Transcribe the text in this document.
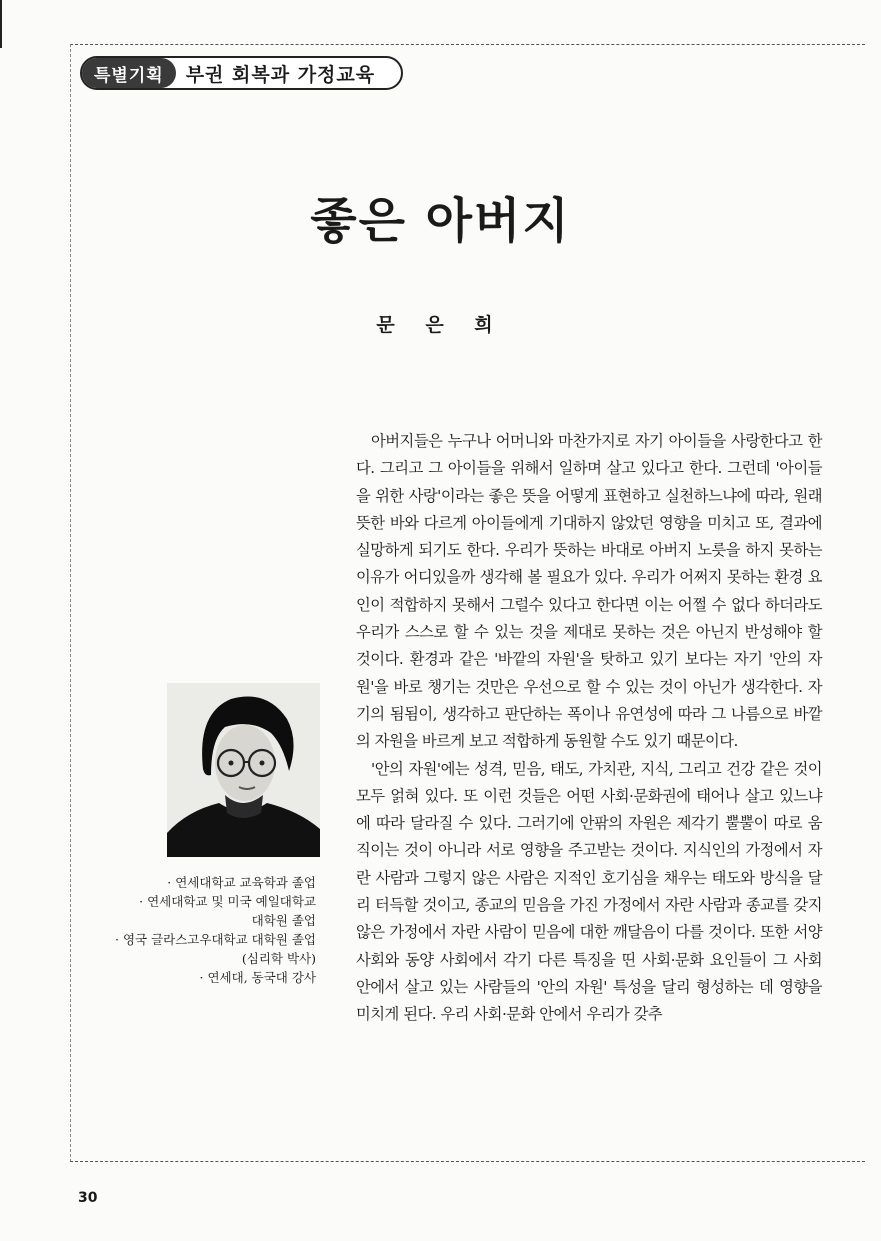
특별기획	부권 회복과 가정교육
좋은 아버지
문 은 희
· 연세대학교 교육학과 졸업
· 연세대학교 및 미국 예일대학교
대학원 졸업
· 영국 글라스고우대학교 대학원 졸업
(심리학 박사)
· 연세대, 동국대 강사

아버지들은 누구나 어머니와 마찬가지로 자기 아이들을 사랑한다고 한다. 그리고 그 아이들을 위해서 일하며 살고 있다고 한다. 그런데 '아이들을 위한 사랑'이라는 좋은 뜻을 어떻게 표현하고 실천하느냐에 따라, 원래 뜻한 바와 다르게 아이들에게 기대하지 않았던 영향을 미치고 또, 결과에 실망하게 되기도 한다. 우리가 뜻하는 바대로 아버지 노릇을 하지 못하는 이유가 어디있을까 생각해 볼 필요가 있다. 우리가 어쩌지 못하는 환경 요인이 적합하지 못해서 그럴수 있다고 한다면 이는 어쩔 수 없다 하더라도 우리가 스스로 할 수 있는 것을 제대로 못하는 것은 아닌지 반성해야 할 것이다. 환경과 같은 '바깥의 자원'을 탓하고 있기 보다는 자기 '안의 자원'을 바로 챙기는 것만은 우선으로 할 수 있는 것이 아닌가 생각한다. 자기의 됨됨이, 생각하고 판단하는 폭이나 유연성에 따라 그 나름으로 바깥의 자원을 바르게 보고 적합하게 동원할 수도 있기 때문이다.

'안의 자원'에는 성격, 믿음, 태도, 가치관, 지식, 그리고 건강 같은 것이 모두 얽혀 있다. 또 이런 것들은 어떤 사회·문화권에 태어나 살고 있느냐에 따라 달라질 수 있다. 그러기에 안팎의 자원은 제각기 뿔뿔이 따로 움직이는 것이 아니라 서로 영향을 주고받는 것이다. 지식인의 가정에서 자란 사람과 그렇지 않은 사람은 지적인 호기심을 채우는 태도와 방식을 달리 터득할 것이고, 종교의 믿음을 가진 가정에서 자란 사람과 종교를 갖지 않은 가정에서 자란 사람이 믿음에 대한 깨달음이 다를 것이다. 또한 서양 사회와 동양 사회에서 각기 다른 특징을 띤 사회·문화 요인들이 그 사회 안에서 살고 있는 사람들의 '안의 자원' 특성을 달리 형성하는 데 영향을 미치게 된다. 우리 사회·문화 안에서 우리가 갖추

30
